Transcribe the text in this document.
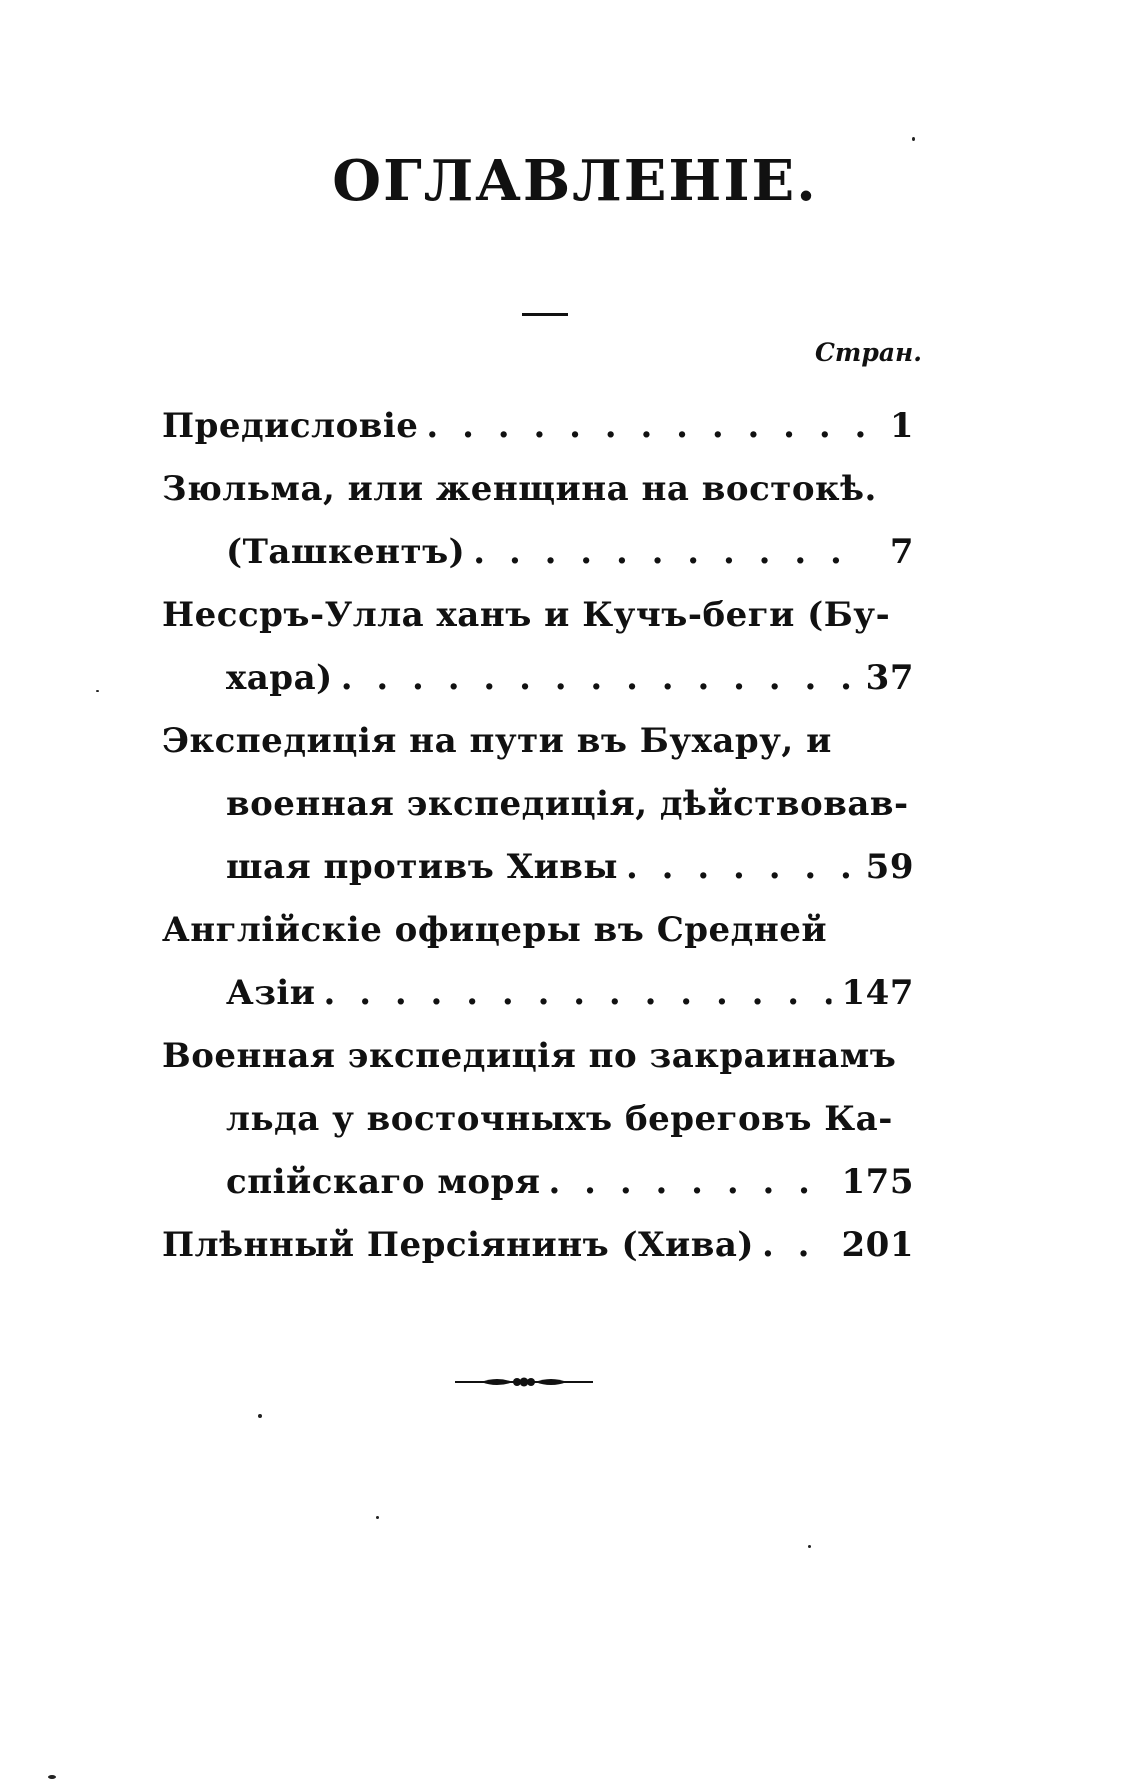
ОГЛАВЛЕНІЕ.
Стран.
Предисловіе . . .	1
Зюльма, или женщина на востокѣ.
(Ташкентъ) . . .	7
Нессръ-Улла ханъ и Кучъ-беги (Бу-
хара) . . .	37
Экспедиція на пути въ Бухару, и
военная экспедиція, дѣйствовав-
шая противъ Хивы . . .	59
Англійскіе офицеры въ Средней
Азіи . . .	147
Военная экспедиція по закраинамъ
льда у восточныхъ береговъ Ка-
спійскаго моря . . .	175
Плѣнный Персіянинъ (Хива) . . .	201
